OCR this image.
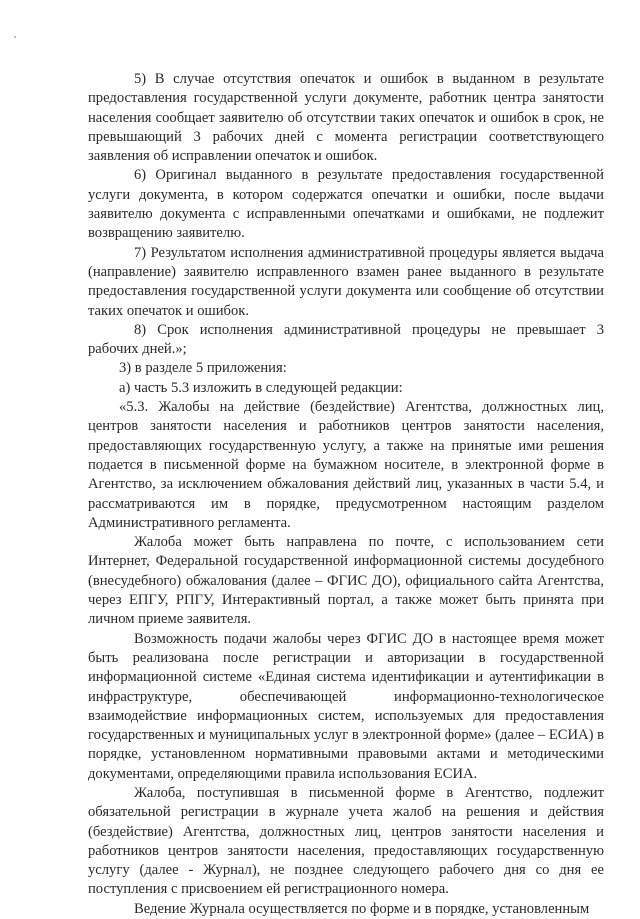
5) В случае отсутствия опечаток и ошибок в выданном в результате предоставления государственной услуги документе, работник центра занятости населения сообщает заявителю об отсутствии таких опечаток и ошибок в срок, не превышающий 3 рабочих дней с момента регистрации соответствующего заявления об исправлении опечаток и ошибок.

6) Оригинал выданного в результате предоставления государственной услуги документа, в котором содержатся опечатки и ошибки, после выдачи заявителю документа с исправленными опечатками и ошибками, не подлежит возвращению заявителю.

7) Результатом исполнения административной процедуры является выдача (направление) заявителю исправленного взамен ранее выданного в результате предоставления государственной услуги документа или сообщение об отсутствии таких опечаток и ошибок.

8) Срок исполнения административной процедуры не превышает 3 рабочих дней.»;

3) в разделе 5 приложения:

а) часть 5.3 изложить в следующей редакции:

«5.3. Жалобы на действие (бездействие) Агентства, должностных лиц, центров занятости населения и работников центров занятости населения, предоставляющих государственную услугу, а также на принятые ими решения подается в письменной форме на бумажном носителе, в электронной форме в Агентство, за исключением обжалования действий лиц, указанных в части 5.4, и рассматриваются им в порядке, предусмотренном настоящим разделом Административного регламента.

Жалоба может быть направлена по почте, с использованием сети Интернет, Федеральной государственной информационной системы досудебного (внесудебного) обжалования (далее – ФГИС ДО), официального сайта Агентства, через ЕПГУ, РПГУ, Интерактивный портал, а также может быть принята при личном приеме заявителя.

Возможность подачи жалобы через ФГИС ДО в настоящее время может быть реализована после регистрации и авторизации в государственной информационной системе «Единая система идентификации и аутентификации в инфраструктуре, обеспечивающей информационно-технологическое взаимодействие информационных систем, используемых для предоставления государственных и муниципальных услуг в электронной форме» (далее – ЕСИА) в порядке, установленном нормативными правовыми актами и методическими документами, определяющими правила использования ЕСИА.

Жалоба, поступившая в письменной форме в Агентство, подлежит обязательной регистрации в журнале учета жалоб на решения и действия (бездействие) Агентства, должностных лиц, центров занятости населения и работников центров занятости населения, предоставляющих государственную услугу (далее - Журнал), не позднее следующего рабочего дня со дня ее поступления с присвоением ей регистрационного номера.

Ведение Журнала осуществляется по форме и в порядке, установленным
